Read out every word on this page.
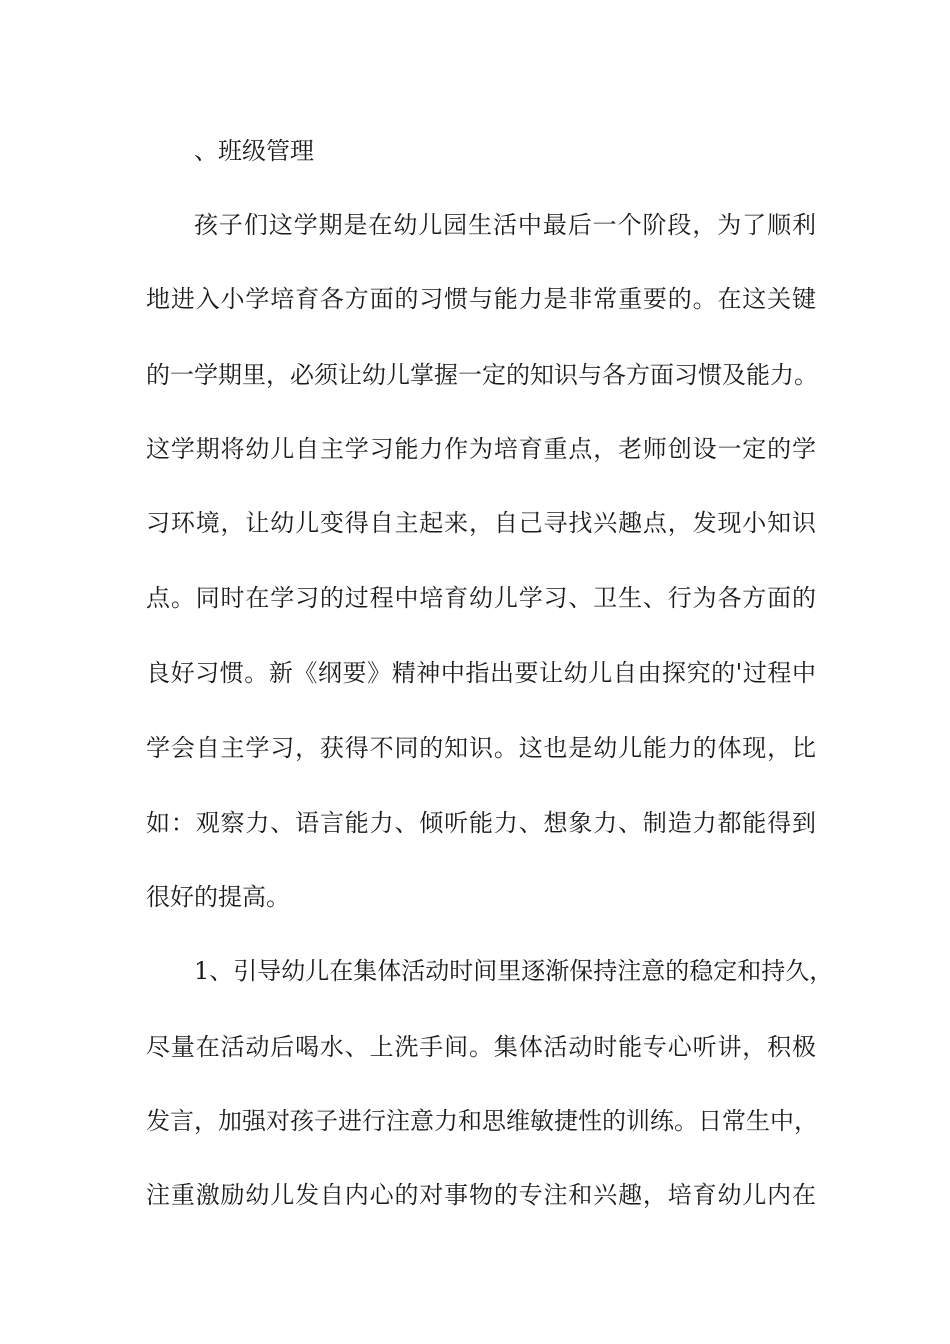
、班级管理
孩子们这学期是在幼儿园生活中最后一个阶段，为了顺利
地进入小学培育各方面的习惯与能力是非常重要的。在这关键
的一学期里，必须让幼儿掌握一定的知识与各方面习惯及能力。
这学期将幼儿自主学习能力作为培育重点，老师创设一定的学
习环境，让幼儿变得自主起来，自己寻找兴趣点，发现小知识
点。同时在学习的过程中培育幼儿学习、卫生、行为各方面的
良好习惯。新《纲要》精神中指出要让幼儿自由探究的'过程中
学会自主学习，获得不同的知识。这也是幼儿能力的体现，比
如：观察力、语言能力、倾听能力、想象力、制造力都能得到
很好的提高。
1、引导幼儿在集体活动时间里逐渐保持注意的稳定和持久，
尽量在活动后喝水、上洗手间。集体活动时能专心听讲，积极
发言，加强对孩子进行注意力和思维敏捷性的训练。日常生中，
注重激励幼儿发自内心的对事物的专注和兴趣，培育幼儿内在
